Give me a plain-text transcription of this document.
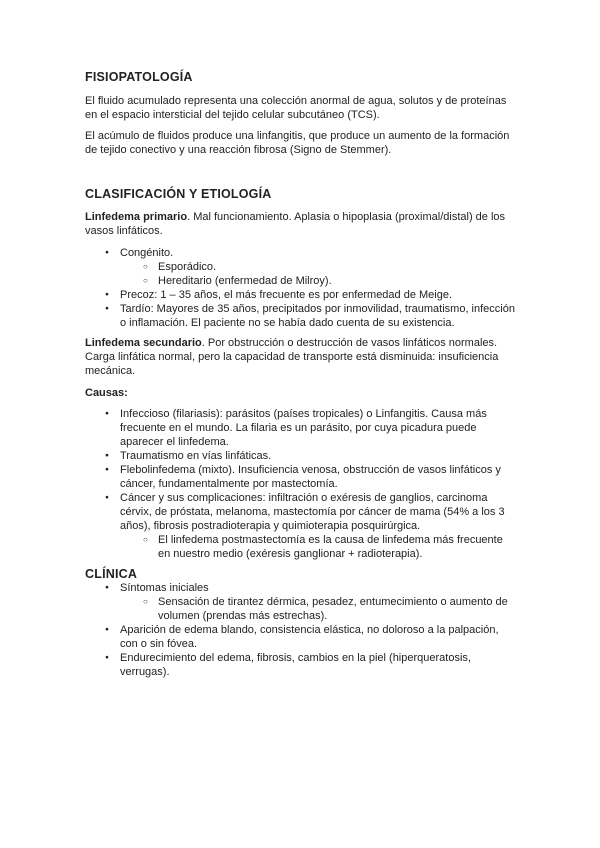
FISIOPATOLOGÍA

El fluido acumulado representa una colección anormal de agua, solutos y de proteínas en el espacio intersticial del tejido celular subcutáneo (TCS).

El acúmulo de fluidos produce una linfangitis, que produce un aumento de la formación de tejido conectivo y una reacción fibrosa (Signo de Stemmer).

CLASIFICACIÓN Y ETIOLOGÍA

Linfedema primario. Mal funcionamiento. Aplasia o hipoplasia (proximal/distal) de los vasos linfáticos.

● Congénito.
○ Esporádico.
○ Hereditario (enfermedad de Milroy).
● Precoz: 1 – 35 años, el más frecuente es por enfermedad de Meige.
● Tardío: Mayores de 35 años, precipitados por inmovilidad, traumatismo, infección o inflamación. El paciente no se había dado cuenta de su existencia.

Linfedema secundario. Por obstrucción o destrucción de vasos linfáticos normales. Carga linfática normal, pero la capacidad de transporte está disminuida: insuficiencia mecánica.

Causas:

● Infeccioso (filariasis): parásitos (países tropicales) o Linfangitis. Causa más frecuente en el mundo. La filaria es un parásito, por cuya picadura puede aparecer el linfedema.
● Traumatismo en vías linfáticas.
● Flebolinfedema (mixto). Insuficiencia venosa, obstrucción de vasos linfáticos y cáncer, fundamentalmente por mastectomía.
● Cáncer y sus complicaciones: infiltración o exéresis de ganglios, carcinoma cérvix, de próstata, melanoma, mastectomía por cáncer de mama (54% a los 3 años), fibrosis postradioterapia y quimioterapia posquirúrgica.
○ El linfedema postmastectomía es la causa de linfedema más frecuente en nuestro medio (exéresis ganglionar + radioterapia).
CLÍNICA
● Síntomas iniciales
○ Sensación de tirantez dérmica, pesadez, entumecimiento o aumento de volumen (prendas más estrechas).
● Aparición de edema blando, consistencia elástica, no doloroso a la palpación, con o sin fóvea.
● Endurecimiento del edema, fibrosis, cambios en la piel (hiperqueratosis, verrugas).
